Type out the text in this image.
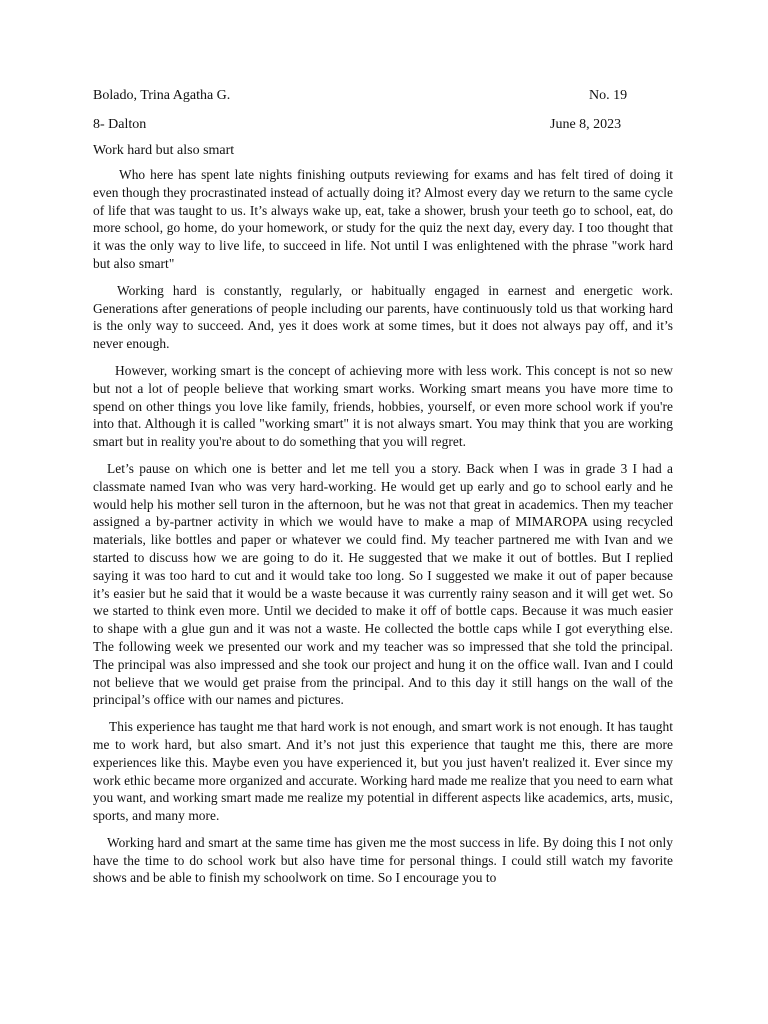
Bolado, Trina Agatha G.	No. 19
8- Dalton	June 8, 2023
Work hard but also smart

Who here has spent late nights finishing outputs reviewing for exams and has felt tired of doing it even though they procrastinated instead of actually doing it? Almost every day we return to the same cycle of life that was taught to us. It’s always wake up, eat, take a shower, brush your teeth go to school, eat, do more school, go home, do your homework, or study for the quiz the next day, every day. I too thought that it was the only way to live life, to succeed in life. Not until I was enlightened with the phrase "work hard but also smart"

Working hard is constantly, regularly, or habitually engaged in earnest and energetic work. Generations after generations of people including our parents, have continuously told us that working hard is the only way to succeed. And, yes it does work at some times, but it does not always pay off, and it’s never enough.

However, working smart is the concept of achieving more with less work. This concept is not so new but not a lot of people believe that working smart works. Working smart means you have more time to spend on other things you love like family, friends, hobbies, yourself, or even more school work if you're into that. Although it is called "working smart" it is not always smart. You may think that you are working smart but in reality you're about to do something that you will regret.

Let’s pause on which one is better and let me tell you a story. Back when I was in grade 3 I had a classmate named Ivan who was very hard-working. He would get up early and go to school early and he would help his mother sell turon in the afternoon, but he was not that great in academics. Then my teacher assigned a by-partner activity in which we would have to make a map of MIMAROPA using recycled materials, like bottles and paper or whatever we could find. My teacher partnered me with Ivan and we started to discuss how we are going to do it. He suggested that we make it out of bottles. But I replied saying it was too hard to cut and it would take too long. So I suggested we make it out of paper because it’s easier but he said that it would be a waste because it was currently rainy season and it will get wet. So we started to think even more. Until we decided to make it off of bottle caps. Because it was much easier to shape with a glue gun and it was not a waste. He collected the bottle caps while I got everything else. The following week we presented our work and my teacher was so impressed that she told the principal. The principal was also impressed and she took our project and hung it on the office wall. Ivan and I could not believe that we would get praise from the principal. And to this day it still hangs on the wall of the principal’s office with our names and pictures.

This experience has taught me that hard work is not enough, and smart work is not enough. It has taught me to work hard, but also smart. And it’s not just this experience that taught me this, there are more experiences like this. Maybe even you have experienced it, but you just haven't realized it. Ever since my work ethic became more organized and accurate. Working hard made me realize that you need to earn what you want, and working smart made me realize my potential in different aspects like academics, arts, music, sports, and many more.

Working hard and smart at the same time has given me the most success in life. By doing this I not only have the time to do school work but also have time for personal things. I could still watch my favorite shows and be able to finish my schoolwork on time. So I encourage you to
